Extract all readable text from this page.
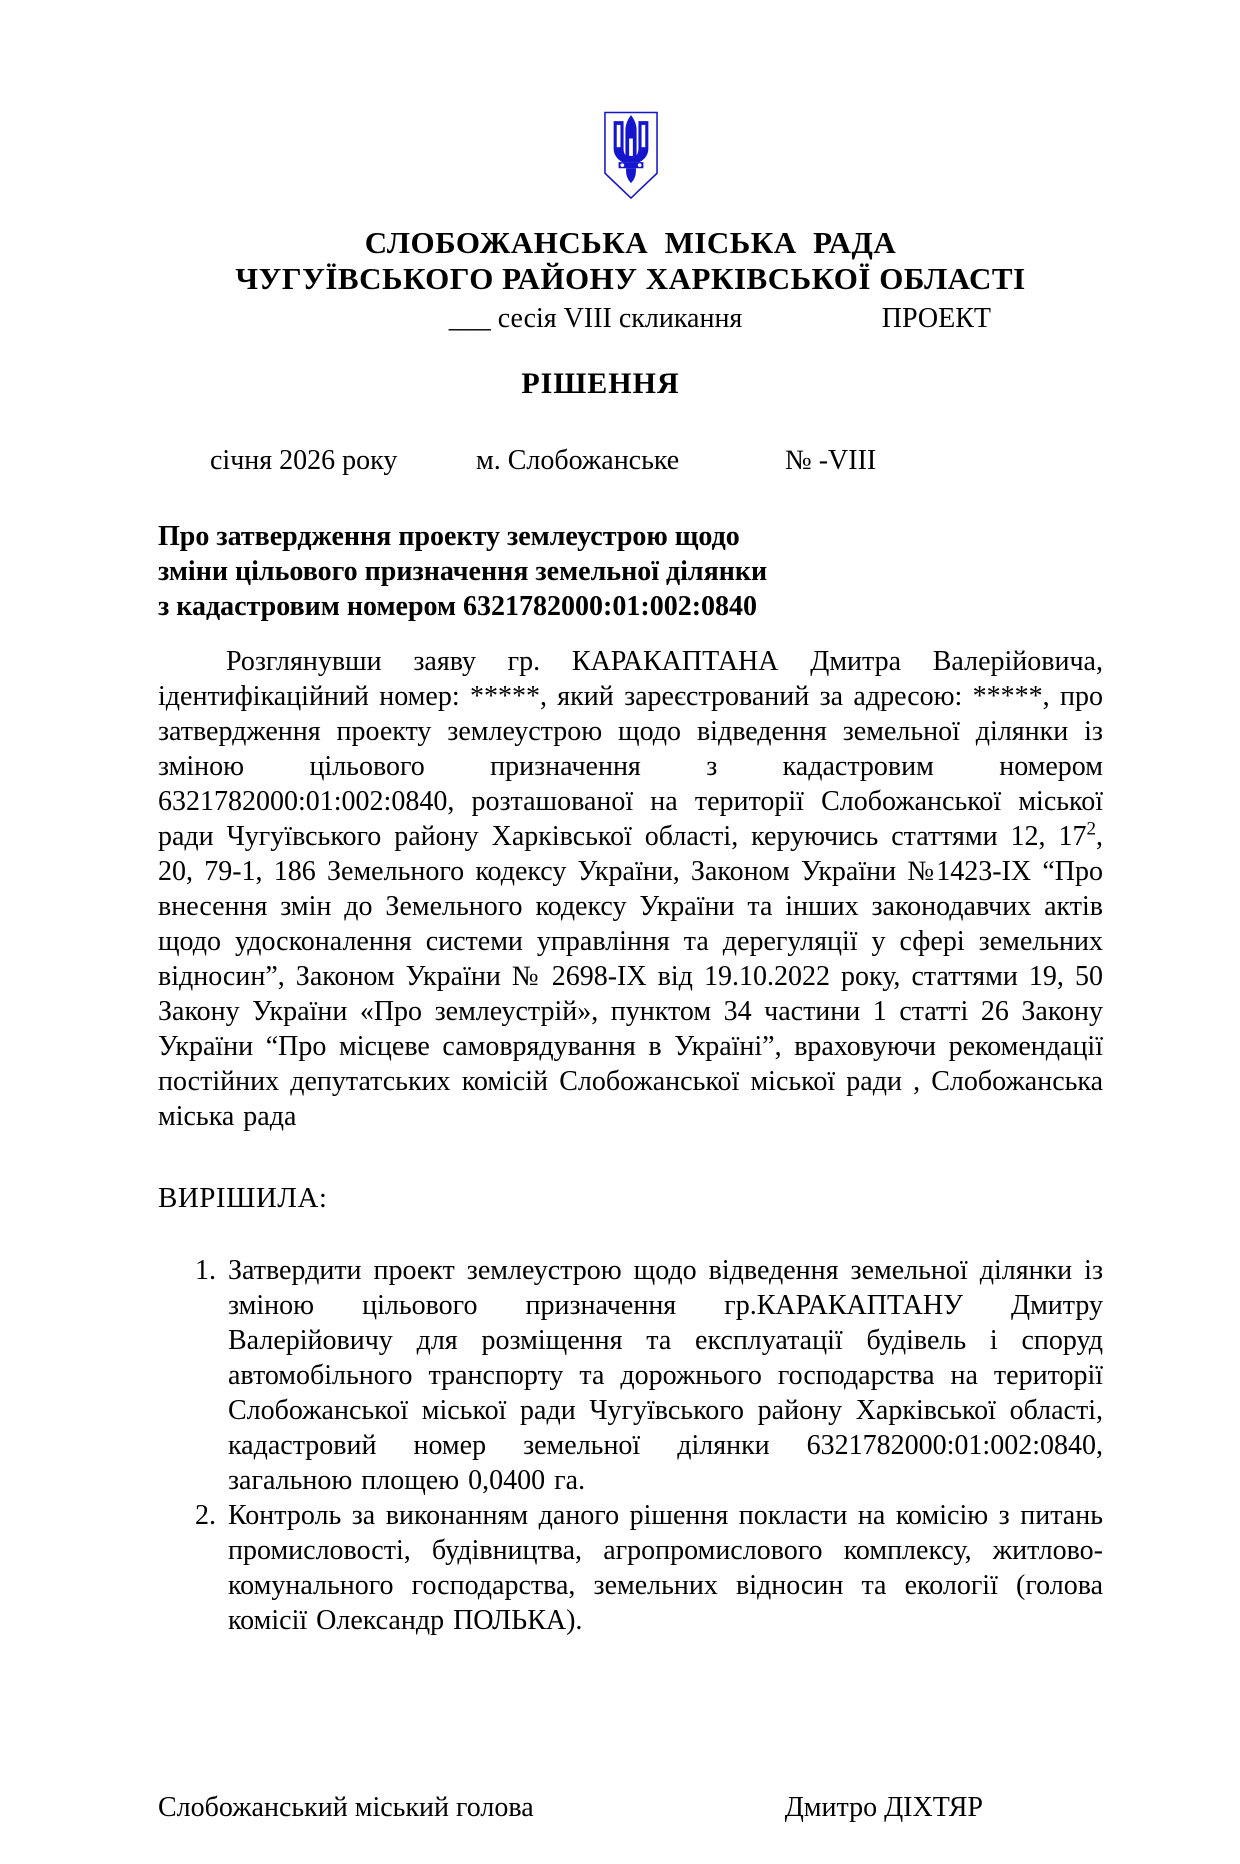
СЛОБОЖАНСЬКА  МІСЬКА  РАДА
ЧУГУЇВСЬКОГО РАЙОНУ ХАРКІВСЬКОЇ ОБЛАСТІ
___ сесія VIII скликання	ПРОЕКТ
РІШЕННЯ
січня 2026 року	м. Слобожанське	№ -VIII
Про затвердження проекту землеустрою щодо
зміни цільового призначення земельної ділянки
з кадастровим номером 6321782000:01:002:0840

Розглянувши заяву гр. КАРАКАПТАНА Дмитра Валерійовича, ідентифікаційний номер: *****, який зареєстрований за адресою: *****, про затвердження проекту землеустрою щодо відведення земельної ділянки із зміною цільового призначення з кадастровим номером 6321782000:01:002:0840, розташованої на території Слобожанської міської ради Чугуївського району Харківської області, керуючись статтями 12, $17^2$, 20, 79-1, 186 Земельного кодексу України, Законом України №1423-IX “Про внесення змін до Земельного кодексу України та інших законодавчих актів щодо удосконалення системи управління та дерегуляції у сфері земельних відносин”, Законом України № 2698-IX від 19.10.2022 року, статтями 19, 50 Закону України «Про землеустрій», пунктом 34 частини 1 статті 26 Закону України “Про місцеве самоврядування в Україні”, враховуючи рекомендації постійних депутатських комісій Слобожанської міської ради , Слобожанська міська рада

ВИРІШИЛА:
1. Затвердити проект землеустрою щодо відведення земельної ділянки із зміною цільового призначення гр.КАРАКАПТАНУ Дмитру Валерійовичу для розміщення та експлуатації будівель і споруд автомобільного транспорту та дорожнього господарства на території Слобожанської міської ради Чугуївського району Харківської області, кадастровий номер земельної ділянки 6321782000:01:002:0840, загальною площею 0,0400 га.
2. Контроль за виконанням даного рішення покласти на комісію з питань промисловості, будівництва, агропромислового комплексу, житлово-комунального господарства, земельних відносин та екології (голова комісії Олександр ПОЛЬКА).
Слобожанський міський голова	Дмитро ДІХТЯР
